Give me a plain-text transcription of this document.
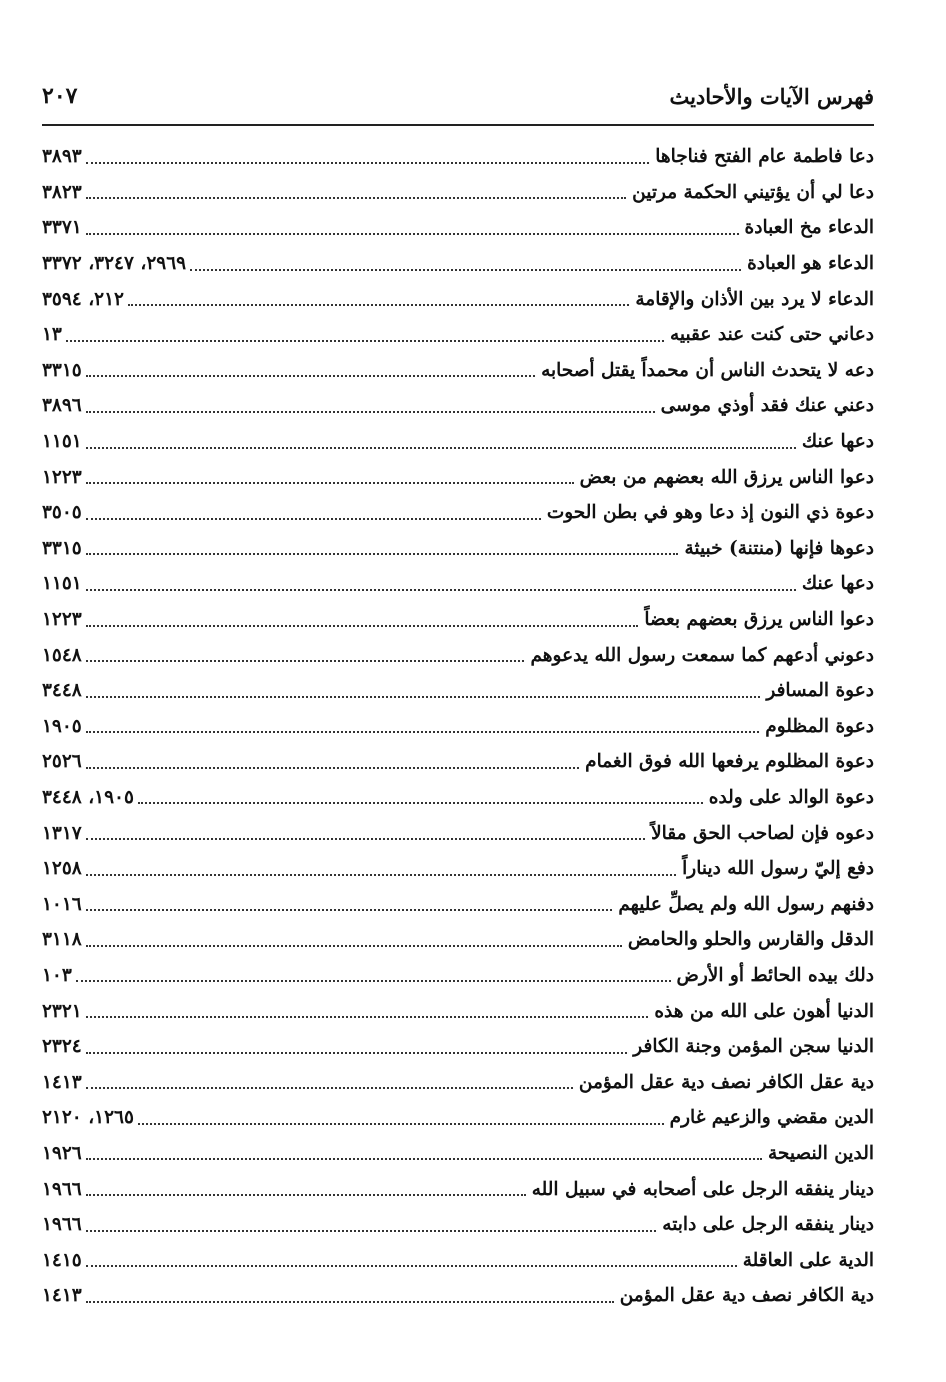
فهرس الآيات والأحاديث
٢٠٧
دعا فاطمة عام الفتح فناجاها
٣٨٩٣
دعا لي أن يؤتيني الحكمة مرتين
٣٨٢٣
الدعاء مخ العبادة
٣٣٧١
الدعاء هو العبادة
٢٩٦٩، ٣٢٤٧، ٣٣٧٢
الدعاء لا يرد بين الأذان والإقامة
٢١٢، ٣٥٩٤
دعاني حتى كنت عند عقبيه
١٣
دعه لا يتحدث الناس أن محمداً يقتل أصحابه
٣٣١٥
دعني عنك فقد أوذي موسى
٣٨٩٦
دعها عنك
١١٥١
دعوا الناس يرزق الله بعضهم من بعض
١٢٢٣
دعوة ذي النون إذ دعا وهو في بطن الحوت
٣٥٠٥
دعوها فإنها (منتنة) خبيثة
٣٣١٥
دعها عنك
١١٥١
دعوا الناس يرزق بعضهم بعضاً
١٢٢٣
دعوني أدعهم كما سمعت رسول الله يدعوهم
١٥٤٨
دعوة المسافر
٣٤٤٨
دعوة المظلوم
١٩٠٥
دعوة المظلوم يرفعها الله فوق الغمام
٢٥٢٦
دعوة الوالد على ولده
١٩٠٥، ٣٤٤٨
دعوه فإن لصاحب الحق مقالاً
١٣١٧
دفع إليّ رسول الله ديناراً
١٢٥٨
دفنهم رسول الله ولم يصلِّ عليهم
١٠١٦
الدقل والقارس والحلو والحامض
٣١١٨
دلك بيده الحائط أو الأرض
١٠٣
الدنيا أهون على الله من هذه
٢٣٢١
الدنيا سجن المؤمن وجنة الكافر
٢٣٢٤
دية عقل الكافر نصف دية عقل المؤمن
١٤١٣
الدين مقضي والزعيم غارم
١٢٦٥، ٢١٢٠
الدين النصيحة
١٩٢٦
دينار ينفقه الرجل على أصحابه في سبيل الله
١٩٦٦
دينار ينفقه الرجل على دابته
١٩٦٦
الدية على العاقلة
١٤١٥
دية الكافر نصف دية عقل المؤمن
١٤١٣
